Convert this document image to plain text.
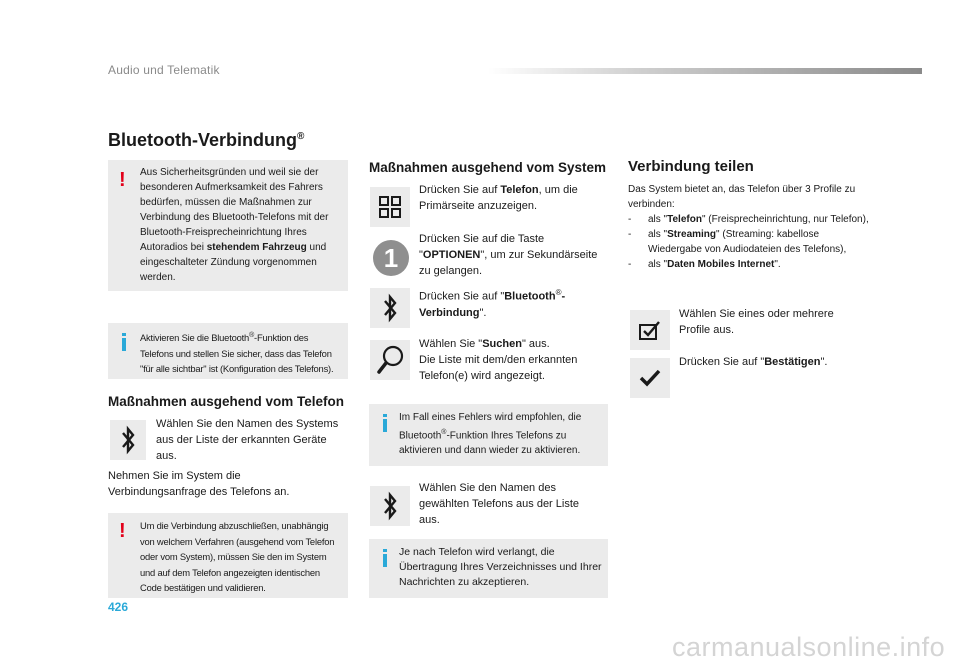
Audio und Telematik
Bluetooth-Verbindung®
! Aus Sicherheitsgründen und weil sie der besonderen Aufmerksamkeit des Fahrers bedürfen, müssen die Maßnahmen zur Verbindung des Bluetooth-Telefons mit der Bluetooth-Freisprecheinrichtung Ihres Autoradios bei stehendem Fahrzeug und eingeschalteter Zündung vorgenommen werden.
Aktivieren Sie die Bluetooth®-Funktion des Telefons und stellen Sie sicher, dass das Telefon "für alle sichtbar" ist (Konfiguration des Telefons).
Maßnahmen ausgehend vom Telefon
Wählen Sie den Namen des Systems aus der Liste der erkannten Geräte aus.
Nehmen Sie im System die Verbindungsanfrage des Telefons an.
! Um die Verbindung abzuschließen, unabhängig von welchem Verfahren (ausgehend vom Telefon oder vom System), müssen Sie den im System und auf dem Telefon angezeigten identischen Code bestätigen und validieren.
Maßnahmen ausgehend vom System
Drücken Sie auf Telefon, um die Primärseite anzuzeigen.
1
Drücken Sie auf die Taste "OPTIONEN", um zur Sekundärseite zu gelangen.
Drücken Sie auf "Bluetooth®-Verbindung".
Wählen Sie "Suchen" aus.
Die Liste mit dem/den erkannten Telefon(e) wird angezeigt.
Im Fall eines Fehlers wird empfohlen, die Bluetooth®-Funktion Ihres Telefons zu aktivieren und dann wieder zu aktivieren.
Wählen Sie den Namen des gewählten Telefons aus der Liste aus.
Je nach Telefon wird verlangt, die Übertragung Ihres Verzeichnisses und Ihrer Nachrichten zu akzeptieren.
Verbindung teilen
Das System bietet an, das Telefon über 3 Profile zu verbinden:
- als "Telefon" (Freisprecheinrichtung, nur Telefon),
- als "Streaming" (Streaming: kabellose Wiedergabe von Audiodateien des Telefons),
- als "Daten Mobiles Internet".
Wählen Sie eines oder mehrere Profile aus.
Drücken Sie auf "Bestätigen".
426
carmanualsonline.info
